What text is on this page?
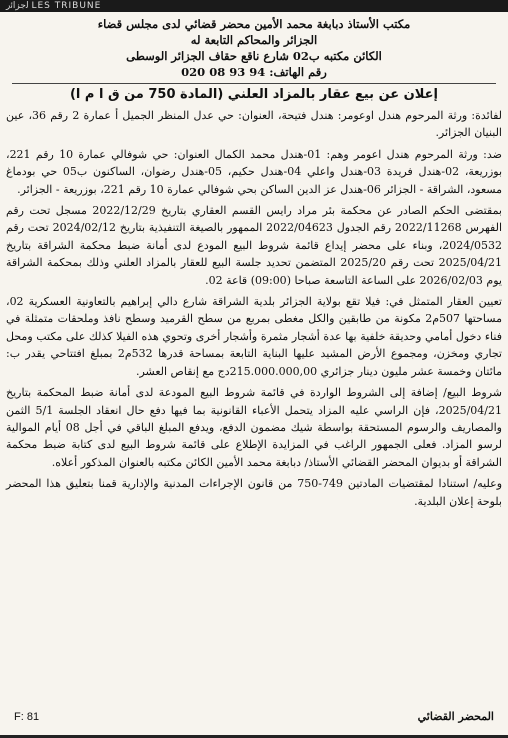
ﻟﺟﺰاﺋر LES TRIBUNE
مكتب الأستاذ دبابغة محمد الأمين محضر قضائي لدى مجلس قضاء
الجزائر والمحاكم التابعة له
الكائن مكتبه ب02 شارع ناقع حقاف الجزائر الوسطى
رقم الهاتف: 94 93 08 020
إعلان عن بيع عقار بالمزاد العلني (المادة 750 من ق ا م ا)

لفائدة: ورثة المرحوم هندل اوعومر: هندل فتيحة، العنوان: حي عدل المنظر الجميل أ عمارة 2 رقم 36، عين البنيان الجزائر.

ضد: ورثة المرحوم هندل اعومر وهم: 01-هندل محمد الكمال العنوان: حي شوفالي عمارة 10 رقم 221، بوزريعة، 02-هندل فريدة 03-هندل واعلي 04-هندل حكيم، 05-هندل رضوان، الساكنون ب05 حي بودماغ مسعود، الشراقة - الجزائر 06-هندل عز الدين الساكن بحي شوفالي عمارة 10 رقم 221، بوزريعة - الجزائر.

بمقتضى الحكم الصادر عن محكمة بئر مراد رايس القسم العقاري بتاريخ 2022/12/29 مسجل تحت رقم الفهرس 2022/11268 رقم الجدول 2022/04623 الممهور بالصيغة التنفيذية بتاريخ 2024/02/12 تحت رقم 2024/0532، وبناء على محضر إيداع قائمة شروط البيع المودع لدى أمانة ضبط محكمة الشراقة بتاريخ 2025/04/21 تحت رقم 2025/20 المتضمن تحديد جلسة البيع للعقار بالمزاد العلني وذلك بمحكمة الشراقة يوم 2026/02/03 على الساعة التاسعة صباحا (09:00) قاعة 02.

تعيين العقار المتمثل في: فيلا تقع بولاية الجزائر بلدية الشراقة شارع دالي إبراهيم بالتعاونية العسكرية 02، مساحتها 507م2 مكونة من طابقين والكل مغطى بمربع من سطح القرميد وسطح نافذ وملحقات متمثلة في فناء دخول أمامي وحديقة خلفية بها عدة أشجار مثمرة وأشجار أخرى وتحوي هذه الفيلا كذلك على مكتب ومحل تجاري ومخزن، ومجموع الأرض المشيد عليها البناية التابعة بمساحة قدرها 532م2 بمبلغ افتتاحي يقدر ب: مائتان وخمسة عشر مليون دينار جزائري 215.000.000,00دج مع إنقاص العشر.

شروط البيع/ إضافة إلى الشروط الواردة في قائمة شروط البيع المودعة لدى أمانة ضبط المحكمة بتاريخ 2025/04/21، فإن الراسي عليه المزاد يتحمل الأعباء القانونية بما فيها دفع حال انعقاد الجلسة 5/1 الثمن والمصاريف والرسوم المستحقة بواسطة شيك مضمون الدفع، ويدفع المبلغ الباقي في أجل 08 أيام الموالية لرسو المزاد. فعلى الجمهور الراغب في المزايدة الإطلاع على قائمة شروط البيع لدى كتابة ضبط محكمة الشراقة أو بديوان المحضر القضائي الأستاذ/ دبابغة محمد الأمين الكائن مكتبه بالعنوان المذكور أعلاه.

وعليه/ استنادا لمقتضيات المادتين 749-750 من قانون الإجراءات المدنية والإدارية قمنا بتعليق هذا المحضر بلوحة إعلان البلدية.

المحضر القضائي
F: 81
